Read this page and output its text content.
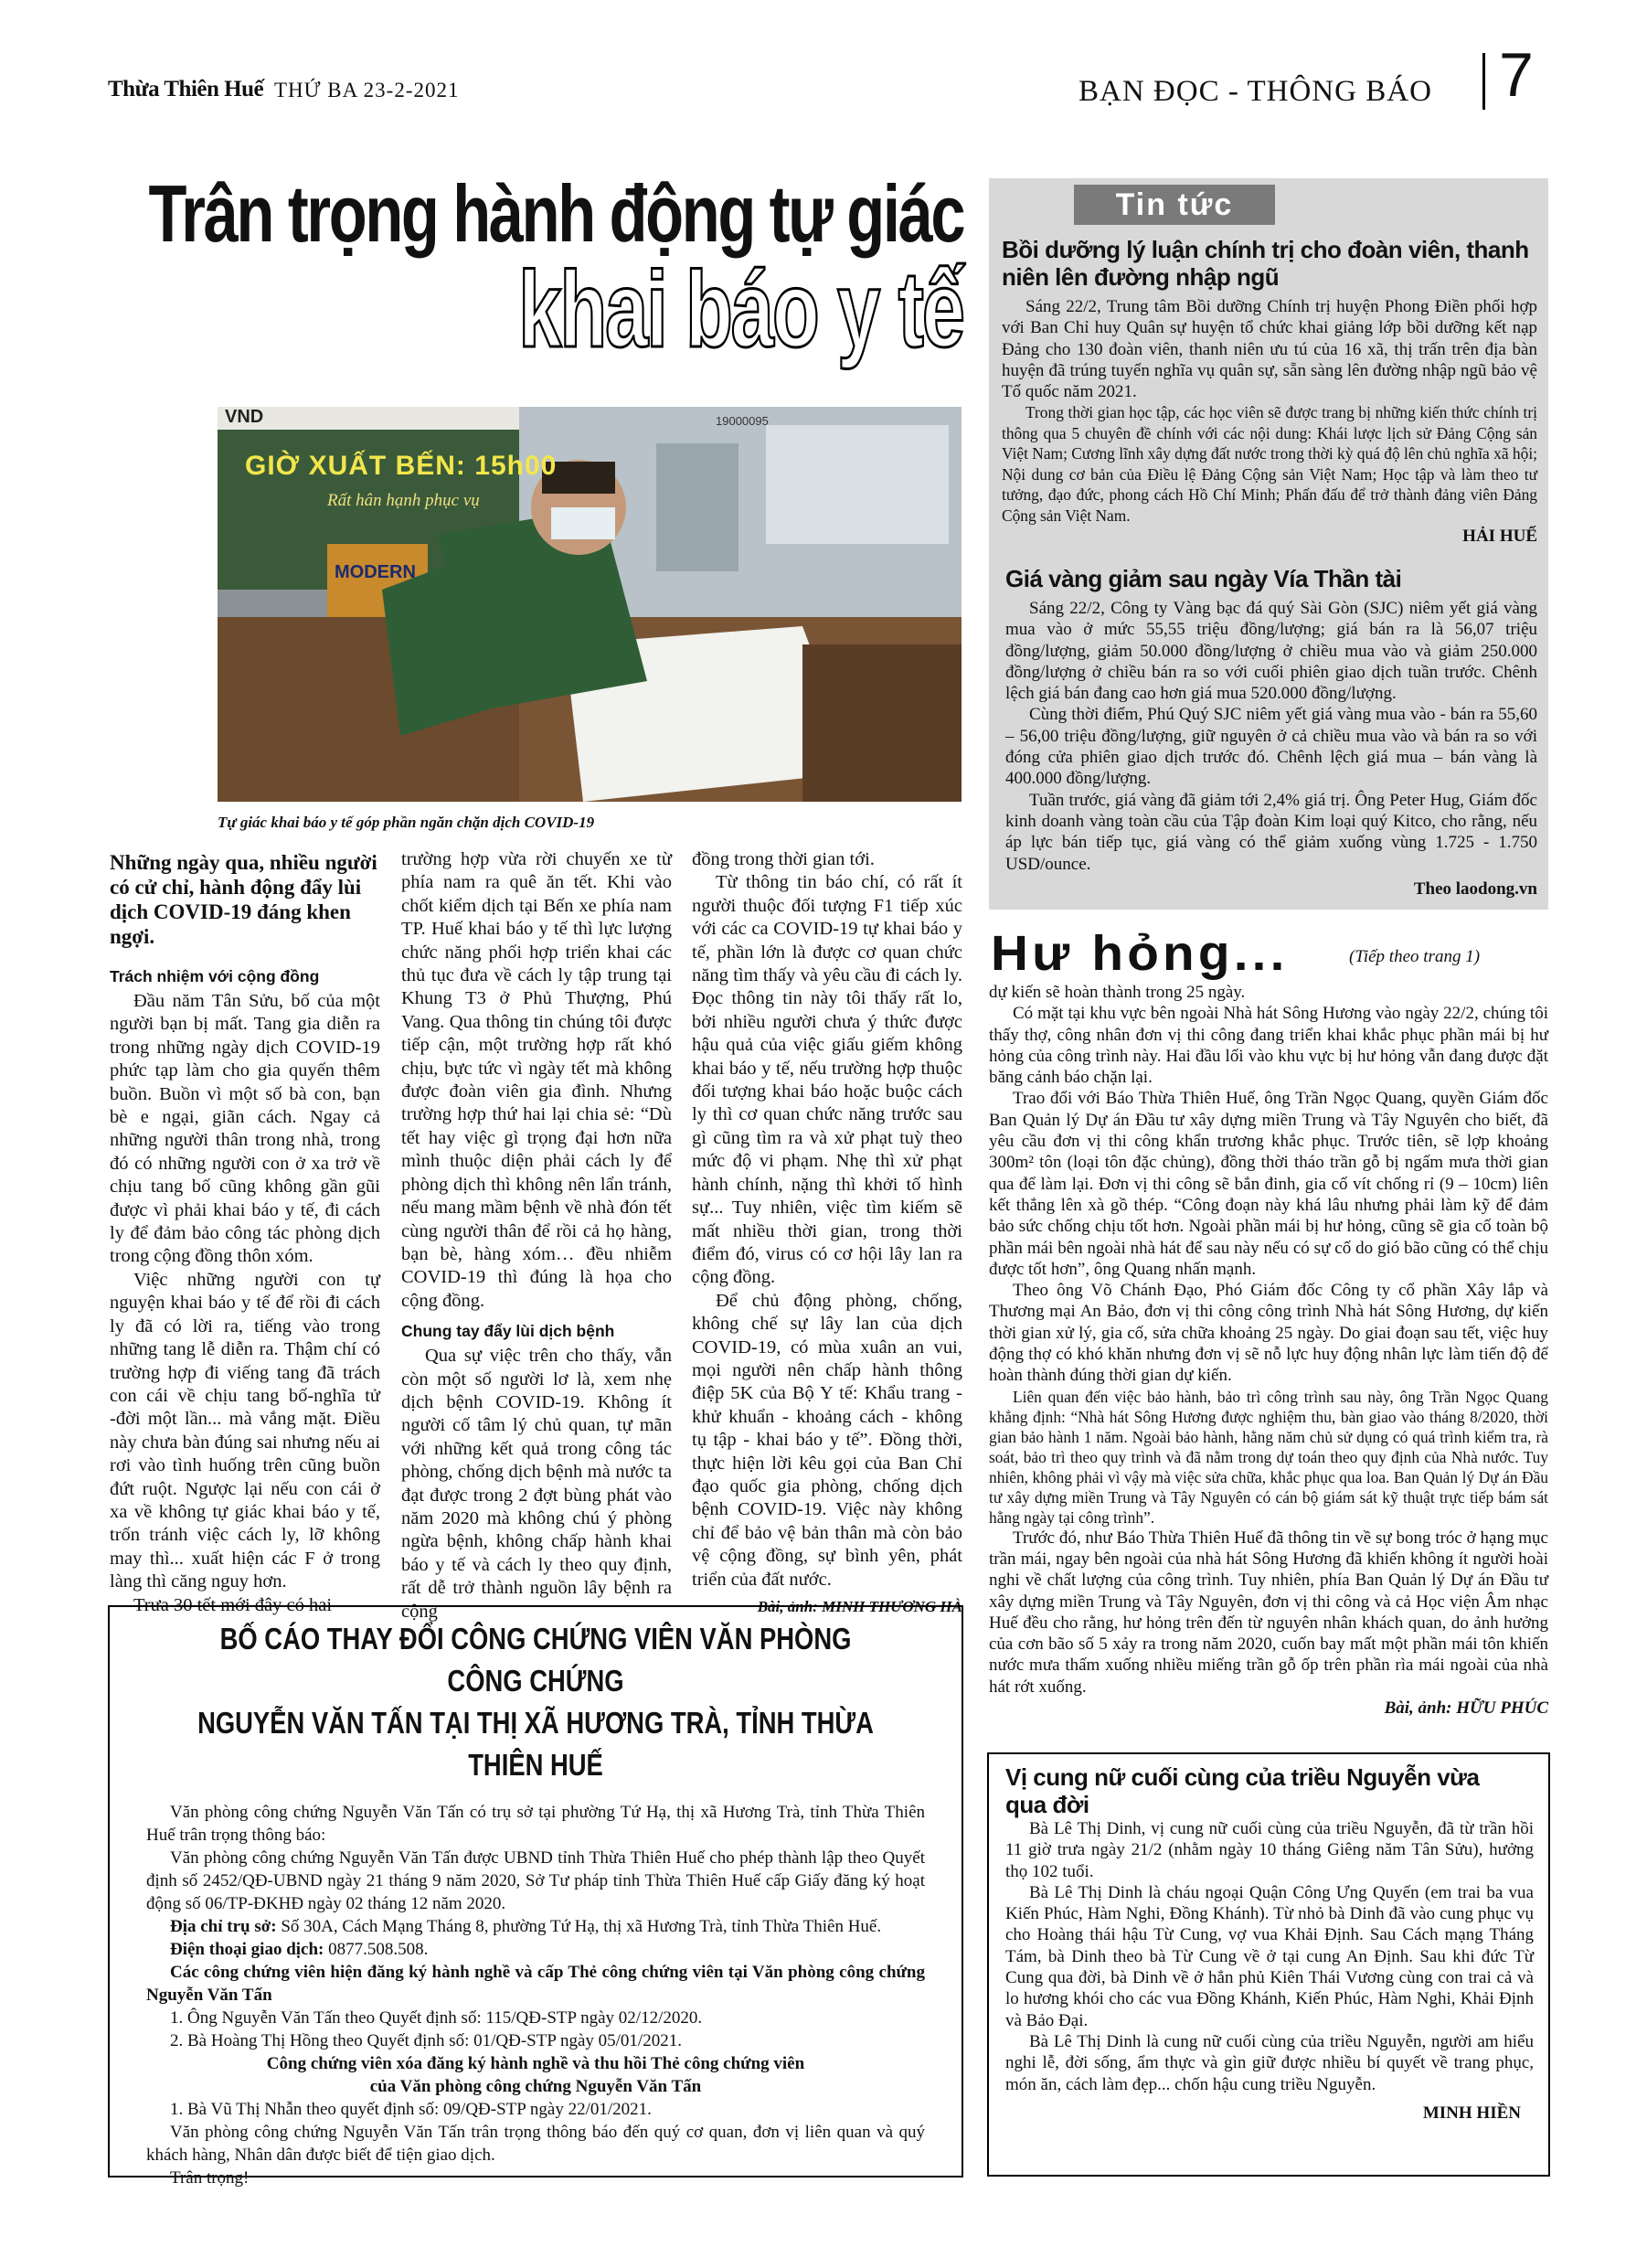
Thừa Thiên Huế THỨ BA 23-2-2021	BẠN ĐỌC - THÔNG BÁO 7
Trân trọng hành động tự giác
khai báo y tế
VND
GIỜ XUẤT BẾN: 15h00
Rất hân hạnh phục vụ
MODERN
19000095
Tự giác khai báo y tế góp phần ngăn chặn dịch COVID-19

Những ngày qua, nhiều người có cử chỉ, hành động đẩy lùi dịch COVID-19 đáng khen ngợi.

Trách nhiệm với cộng đồng

Đầu năm Tân Sửu, bố của một người bạn bị mất. Tang gia diễn ra trong những ngày dịch COVID-19 phức tạp làm cho gia quyến thêm buồn. Buồn vì một số bà con, bạn bè e ngại, giãn cách. Ngay cả những người thân trong nhà, trong đó có những người con ở xa trở về chịu tang bố cũng không gần gũi được vì phải khai báo y tế, đi cách ly để đảm bảo công tác phòng dịch trong cộng đồng thôn xóm.

Việc những người con tự nguyện khai báo y tế để rồi đi cách ly đã có lời ra, tiếng vào trong những tang lễ diễn ra. Thậm chí có trường hợp đi viếng tang đã trách con cái về chịu tang bố-nghĩa tử -đời một lần... mà vắng mặt. Điều này chưa bàn đúng sai nhưng nếu ai rơi vào tình huống trên cũng buồn đứt ruột. Ngược lại nếu con cái ở xa về không tự giác khai báo y tế, trốn tránh việc cách ly, lỡ không may thì... xuất hiện các F ở trong làng thì căng nguy hơn.

Trưa 30 tết mới đây có hai

trường hợp vừa rời chuyến xe từ phía nam ra quê ăn tết. Khi vào chốt kiểm dịch tại Bến xe phía nam TP. Huế khai báo y tế thì lực lượng chức năng phối hợp triển khai các thủ tục đưa về cách ly tập trung tại Khung T3 ở Phủ Thượng, Phú Vang. Qua thông tin chúng tôi được tiếp cận, một trường hợp rất khó chịu, bực tức vì ngày tết mà không được đoàn viên gia đình. Nhưng trường hợp thứ hai lại chia sẻ: “Dù tết hay việc gì trọng đại hơn nữa mình thuộc diện phải cách ly để phòng dịch thì không nên lẩn tránh, nếu mang mầm bệnh về nhà đón tết cùng người thân để rồi cả họ hàng, bạn bè, hàng xóm… đều nhiễm COVID-19 thì đúng là họa cho cộng đồng.

Chung tay đẩy lùi dịch bệnh

Qua sự việc trên cho thấy, vẫn còn một số người lơ là, xem nhẹ dịch bệnh COVID-19. Không ít người cố tâm lý chủ quan, tự mãn với những kết quả trong công tác phòng, chống dịch bệnh mà nước ta đạt được trong 2 đợt bùng phát vào năm 2020 mà không chú ý phòng ngừa bệnh, không chấp hành khai báo y tế và cách ly theo quy định, rất dễ trở thành nguồn lây bệnh ra cộng

đồng trong thời gian tới.

Từ thông tin báo chí, có rất ít người thuộc đối tượng F1 tiếp xúc với các ca COVID-19 tự khai báo y tế, phần lớn là được cơ quan chức năng tìm thấy và yêu cầu đi cách ly. Đọc thông tin này tôi thấy rất lo, bởi nhiều người chưa ý thức được hậu quả của việc giấu giếm không khai báo y tế, nếu trường hợp thuộc đối tượng khai báo hoặc buộc cách ly thì cơ quan chức năng trước sau gì cũng tìm ra và xử phạt tuỳ theo mức độ vi phạm. Nhẹ thì xử phạt hành chính, nặng thì khởi tố hình sự... Tuy nhiên, việc tìm kiếm sẽ mất nhiều thời gian, trong thời điểm đó, virus có cơ hội lây lan ra cộng đồng.

Để chủ động phòng, chống, không chế sự lây lan của dịch COVID-19, có mùa xuân an vui, mọi người nên chấp hành thông điệp 5K của Bộ Y tế: Khẩu trang - khử khuẩn - khoảng cách - không tụ tập - khai báo y tế”. Đồng thời, thực hiện lời kêu gọi của Ban Chỉ đạo quốc gia phòng, chống dịch bệnh COVID-19. Việc này không chỉ để bảo vệ bản thân mà còn bảo vệ cộng đồng, sự bình yên, phát triển của đất nước.

Bài, ảnh: MINH THƯƠNG HÀ

Tin tức
Bồi dưỡng lý luận chính trị cho đoàn viên, thanh niên lên đường nhập ngũ

Sáng 22/2, Trung tâm Bồi dưỡng Chính trị huyện Phong Điền phối hợp với Ban Chỉ huy Quân sự huyện tổ chức khai giảng lớp bồi dưỡng kết nạp Đảng cho 130 đoàn viên, thanh niên ưu tú của 16 xã, thị trấn trên địa bàn huyện đã trúng tuyển nghĩa vụ quân sự, sẵn sàng lên đường nhập ngũ bảo vệ Tổ quốc năm 2021.

Trong thời gian học tập, các học viên sẽ được trang bị những kiến thức chính trị thông qua 5 chuyên đề chính với các nội dung: Khái lược lịch sử Đảng Cộng sản Việt Nam; Cương lĩnh xây dựng đất nước trong thời kỳ quá độ lên chủ nghĩa xã hội; Nội dung cơ bản của Điều lệ Đảng Cộng sản Việt Nam; Học tập và làm theo tư tưởng, đạo đức, phong cách Hồ Chí Minh; Phấn đấu để trở thành đảng viên Đảng Cộng sản Việt Nam.

HẢI HUẾ

Giá vàng giảm sau ngày Vía Thần tài

Sáng 22/2, Công ty Vàng bạc đá quý Sài Gòn (SJC) niêm yết giá vàng mua vào ở mức 55,55 triệu đồng/lượng; giá bán ra là 56,07 triệu đồng/lượng, giảm 50.000 đồng/lượng ở chiều mua vào và giảm 250.000 đồng/lượng ở chiều bán ra so với cuối phiên giao dịch tuần trước. Chênh lệch giá bán đang cao hơn giá mua 520.000 đồng/lượng.

Cùng thời điểm, Phú Quý SJC niêm yết giá vàng mua vào - bán ra 55,60 – 56,00 triệu đồng/lượng, giữ nguyên ở cả chiều mua vào và bán ra so với đóng cửa phiên giao dịch trước đó. Chênh lệch giá mua – bán vàng là 400.000 đồng/lượng.

Tuần trước, giá vàng đã giảm tới 2,4% giá trị. Ông Peter Hug, Giám đốc kinh doanh vàng toàn cầu của Tập đoàn Kim loại quý Kitco, cho rằng, nếu áp lực bán tiếp tục, giá vàng có thể giảm xuống vùng 1.725 - 1.750 USD/ounce.

Theo laodong.vn

Hư hỏng...	(Tiếp theo trang 1)

dự kiến sẽ hoàn thành trong 25 ngày.

Có mặt tại khu vực bên ngoài Nhà hát Sông Hương vào ngày 22/2, chúng tôi thấy thợ, công nhân đơn vị thi công đang triển khai khắc phục phần mái bị hư hỏng của công trình này. Hai đầu lối vào khu vực bị hư hỏng vẫn đang được đặt băng cảnh báo chặn lại.

Trao đổi với Báo Thừa Thiên Huế, ông Trần Ngọc Quang, quyền Giám đốc Ban Quản lý Dự án Đầu tư xây dựng miền Trung và Tây Nguyên cho biết, đã yêu cầu đơn vị thi công khẩn trương khắc phục. Trước tiên, sẽ lợp khoảng 300m² tôn (loại tôn đặc chủng), đồng thời tháo trần gỗ bị ngấm mưa thời gian qua để làm lại. Đơn vị thi công sẽ bắn đinh, gia cố vít chống rỉ (9 – 10cm) liên kết thẳng lên xà gồ thép. “Công đoạn này khá lâu nhưng phải làm kỹ để đảm bảo sức chống chịu tốt hơn. Ngoài phần mái bị hư hỏng, cũng sẽ gia cố toàn bộ phần mái bên ngoài nhà hát để sau này nếu có sự cố do gió bão cũng có thể chịu được tốt hơn”, ông Quang nhấn mạnh.

Theo ông Võ Chánh Đạo, Phó Giám đốc Công ty cổ phần Xây lắp và Thương mại An Bảo, đơn vị thi công công trình Nhà hát Sông Hương, dự kiến thời gian xử lý, gia cố, sửa chữa khoảng 25 ngày. Do giai đoạn sau tết, việc huy động thợ có khó khăn nhưng đơn vị sẽ nỗ lực huy động nhân lực làm tiến độ để hoàn thành đúng thời gian dự kiến.

Liên quan đến việc bảo hành, bảo trì công trình sau này, ông Trần Ngọc Quang khẳng định: “Nhà hát Sông Hương được nghiệm thu, bàn giao vào tháng 8/2020, thời gian bảo hành 1 năm. Ngoài bảo hành, hằng năm chủ sử dụng có quá trình kiểm tra, rà soát, bảo trì theo quy trình và đã nằm trong dự toán theo quy định của Nhà nước. Tuy nhiên, không phải vì vậy mà việc sửa chữa, khắc phục qua loa. Ban Quản lý Dự án Đầu tư xây dựng miền Trung và Tây Nguyên có cán bộ giám sát kỹ thuật trực tiếp bám sát hằng ngày tại công trình”.

Trước đó, như Báo Thừa Thiên Huế đã thông tin về sự bong tróc ở hạng mục trần mái, ngay bên ngoài của nhà hát Sông Hương đã khiến không ít người hoài nghi về chất lượng của công trình. Tuy nhiên, phía Ban Quản lý Dự án Đầu tư xây dựng miền Trung và Tây Nguyên, đơn vị thi công và cả Học viện Âm nhạc Huế đều cho rằng, hư hỏng trên đến từ nguyên nhân khách quan, do ảnh hưởng của cơn bão số 5 xảy ra trong năm 2020, cuốn bay mất một phần mái tôn khiến nước mưa thấm xuống nhiều miếng trần gỗ ốp trên phần rìa mái ngoài của nhà hát rớt xuống.

Bài, ảnh: HỮU PHÚC

BỐ CÁO THAY ĐỔI CÔNG CHỨNG VIÊN VĂN PHÒNG CÔNG CHỨNG
NGUYỄN VĂN TẤN TẠI THỊ XÃ HƯƠNG TRÀ, TỈNH THỪA THIÊN HUẾ

Văn phòng công chứng Nguyễn Văn Tấn có trụ sở tại phường Tứ Hạ, thị xã Hương Trà, tỉnh Thừa Thiên Huế trân trọng thông báo:

Văn phòng công chứng Nguyễn Văn Tấn được UBND tỉnh Thừa Thiên Huế cho phép thành lập theo Quyết định số 2452/QĐ-UBND ngày 21 tháng 9 năm 2020, Sở Tư pháp tỉnh Thừa Thiên Huế cấp Giấy đăng ký hoạt động số 06/TP-ĐKHĐ ngày 02 tháng 12 năm 2020.

Địa chỉ trụ sở: Số 30A, Cách Mạng Tháng 8, phường Tứ Hạ, thị xã Hương Trà, tỉnh Thừa Thiên Huế.

Điện thoại giao dịch: 0877.508.508.

Các công chứng viên hiện đăng ký hành nghề và cấp Thẻ công chứng viên tại Văn phòng công chứng Nguyễn Văn Tấn

1. Ông Nguyễn Văn Tấn theo Quyết định số: 115/QĐ-STP ngày 02/12/2020.

2. Bà Hoàng Thị Hồng theo Quyết định số: 01/QĐ-STP ngày 05/01/2021.

Công chứng viên xóa đăng ký hành nghề và thu hồi Thẻ công chứng viên

của Văn phòng công chứng Nguyễn Văn Tấn

1. Bà Vũ Thị Nhẫn theo quyết định số: 09/QĐ-STP ngày 22/01/2021.

Văn phòng công chứng Nguyễn Văn Tấn trân trọng thông báo đến quý cơ quan, đơn vị liên quan và quý khách hàng, Nhân dân được biết để tiện giao dịch.

Trân trọng!

Vị cung nữ cuối cùng của triều Nguyễn vừa qua đời

Bà Lê Thị Dinh, vị cung nữ cuối cùng của triều Nguyễn, đã từ trần hồi 11 giờ trưa ngày 21/2 (nhằm ngày 10 tháng Giêng năm Tân Sửu), hưởng thọ 102 tuổi.

Bà Lê Thị Dinh là cháu ngoại Quận Công Ưng Quyến (em trai ba vua Kiến Phúc, Hàm Nghi, Đồng Khánh). Từ nhỏ bà Dinh đã vào cung phục vụ cho Hoàng thái hậu Từ Cung, vợ vua Khải Định. Sau Cách mạng Tháng Tám, bà Dinh theo bà Từ Cung về ở tại cung An Định. Sau khi đức Từ Cung qua đời, bà Dinh về ở hẳn phủ Kiên Thái Vương cùng con trai cả và lo hương khói cho các vua Đồng Khánh, Kiến Phúc, Hàm Nghi, Khải Định và Bảo Đại.

Bà Lê Thị Dinh là cung nữ cuối cùng của triều Nguyễn, người am hiểu nghi lễ, đời sống, ẩm thực và gìn giữ được nhiều bí quyết về trang phục, món ăn, cách làm đẹp... chốn hậu cung triều Nguyễn.

MINH HIỀN
